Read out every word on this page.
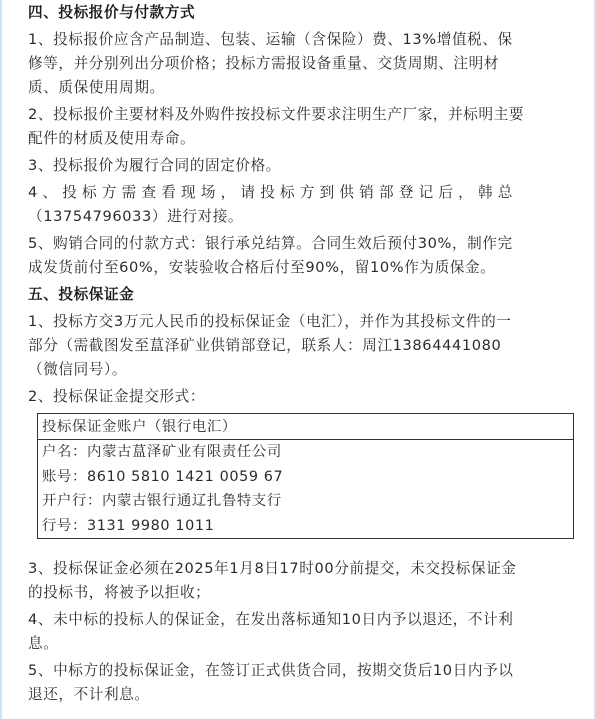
四、投标报价与付款方式
1、投标报价应含产品制造、包装、运输（含保险）费、13%增值税、保
修等，并分别列出分项价格；投标方需报设备重量、交货周期、注明材
质、质保使用周期。
2、投标报价主要材料及外购件按投标文件要求注明生产厂家，并标明主要
配件的材质及使用寿命。
3、投标报价为履行合同的固定价格。
4、投标方需查看现场，请投标方到供销部登记后，韩总
（13754796033）进行对接。
5、购销合同的付款方式：银行承兑结算。合同生效后预付30%，制作完
成发货前付至60%，安装验收合格后付至90%，留10%作为质保金。
五、投标保证金
1、投标方交3万元人民币的投标保证金（电汇），并作为其投标文件的一
部分（需截图发至蒀泽矿业供销部登记，联系人：周江13864441080
（微信同号）。
2、投标保证金提交形式：
投标保证金账户（银行电汇）
户名：内蒙古蒀泽矿业有限责任公司
账号：8610 5810 1421 0059 67
开户行：内蒙古银行通辽扎鲁特支行
行号：3131 9980 1011
3、投标保证金必须在2025年1月8日17时00分前提交，未交投标保证金
的投标书，将被予以拒收；
4、未中标的投标人的保证金，在发出落标通知10日内予以退还，不计利
息。
5、中标方的投标保证金，在签订正式供货合同，按期交货后10日内予以
退还，不计利息。
